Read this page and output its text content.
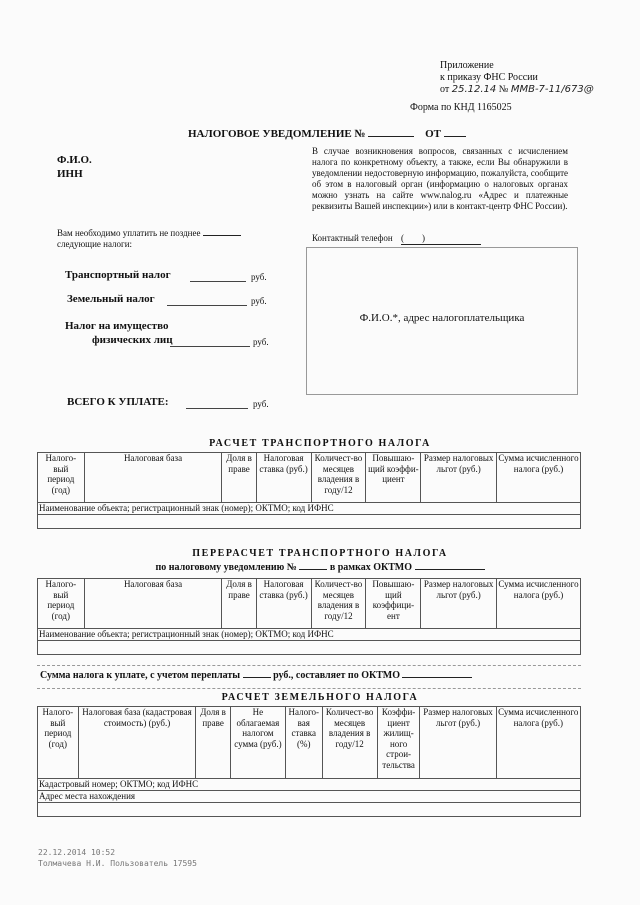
Приложение
к приказу ФНС России
от 25.12.14 № ММВ-7-11/673@
Форма по КНД 1165025
НАЛОГОВОЕ УВЕДОМЛЕНИЕ №	ОТ
Ф.И.О.
ИНН
Вам необходимо уплатить не позднее
следующие налоги:
Транспортный налог	руб.
Земельный налог	руб.
Налог на имущество
физических лиц	руб.
ВСЕГО К УПЛАТЕ:	руб.
В случае возникновения вопросов, связанных с исчислением налога по конкретному объекту, а также, если Вы обнаружили в уведомлении недостоверную информацию, пожалуйста, сообщите об этом в налоговый орган (информацию о налоговых органах можно узнать на сайте www.nalog.ru «Адрес и платежные реквизиты Вашей инспекции») или в контакт-центр ФНС России).
Контактный телефон (        )
Ф.И.О.*, адрес налогоплательщика
РАСЧЕТ ТРАНСПОРТНОГО НАЛОГА
Налого-вый период (год)	Налоговая база	Доля в праве	Налоговая ставка (руб.)	Количест-во месяцев владения в году/12	Повышаю-щий коэффи-циент	Размер налоговых льгот (руб.)	Сумма исчисленного налога (руб.)
Наименование объекта; регистрационный знак (номер); ОКТМО; код ИФНС

ПЕРЕРАСЧЕТ ТРАНСПОРТНОГО НАЛОГА
по налоговому уведомлению №	в рамках ОКТМО
Налого-вый период (год)	Налоговая база	Доля в праве	Налоговая ставка (руб.)	Количест-во месяцев владения в году/12	Повышаю-щий коэффици-ент	Размер налоговых льгот (руб.)	Сумма исчисленного налога (руб.)
Наименование объекта; регистрационный знак (номер); ОКТМО; код ИФНС

Сумма налога к уплате, с учетом переплаты	руб., составляет по ОКТМО
РАСЧЕТ ЗЕМЕЛЬНОГО НАЛОГА
Налого-вый период (год)	Налоговая база (кадастровая стоимость) (руб.)	Доля в праве	Не облагаемая налогом сумма (руб.)	Налого-вая ставка (%)	Количест-во месяцев владения в году/12	Коэффи-циент жилищ-ного строи-тельства	Размер налоговых льгот (руб.)	Сумма исчисленного налога (руб.)
Кадастровый номер; ОКТМО; код ИФНС
Адрес места нахождения

22.12.2014 10:52
Толмачева Н.И. Пользователь 17595
